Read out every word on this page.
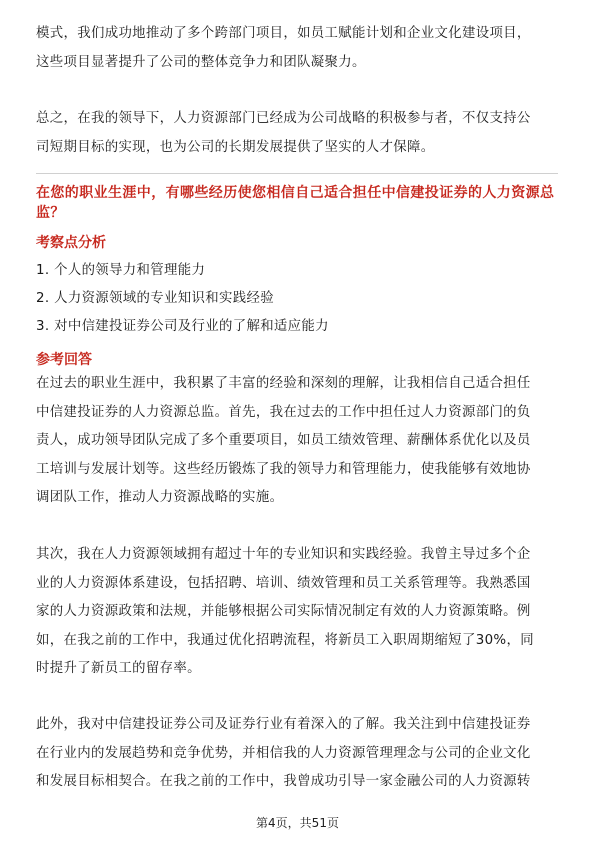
模式，我们成功地推动了多个跨部门项目，如员工赋能计划和企业文化建设项目，
这些项目显著提升了公司的整体竞争力和团队凝聚力。

总之，在我的领导下，人力资源部门已经成为公司战略的积极参与者，不仅支持公
司短期目标的实现，也为公司的长期发展提供了坚实的人才保障。

在您的职业生涯中，有哪些经历使您相信自己适合担任中信建投证券的人力资源总
监？

考察点分析

1. 个人的领导力和管理能力

2. 人力资源领域的专业知识和实践经验

3. 对中信建投证券公司及行业的了解和适应能力

参考回答

在过去的职业生涯中，我积累了丰富的经验和深刻的理解，让我相信自己适合担任
中信建投证券的人力资源总监。首先，我在过去的工作中担任过人力资源部门的负
责人，成功领导团队完成了多个重要项目，如员工绩效管理、薪酬体系优化以及员
工培训与发展计划等。这些经历锻炼了我的领导力和管理能力，使我能够有效地协
调团队工作，推动人力资源战略的实施。

其次，我在人力资源领域拥有超过十年的专业知识和实践经验。我曾主导过多个企
业的人力资源体系建设，包括招聘、培训、绩效管理和员工关系管理等。我熟悉国
家的人力资源政策和法规，并能够根据公司实际情况制定有效的人力资源策略。例
如，在我之前的工作中，我通过优化招聘流程，将新员工入职周期缩短了30%，同
时提升了新员工的留存率。

此外，我对中信建投证券公司及证券行业有着深入的了解。我关注到中信建投证券
在行业内的发展趋势和竞争优势，并相信我的人力资源管理理念与公司的企业文化
和发展目标相契合。在我之前的工作中，我曾成功引导一家金融公司的人力资源转

第4页，共51页
